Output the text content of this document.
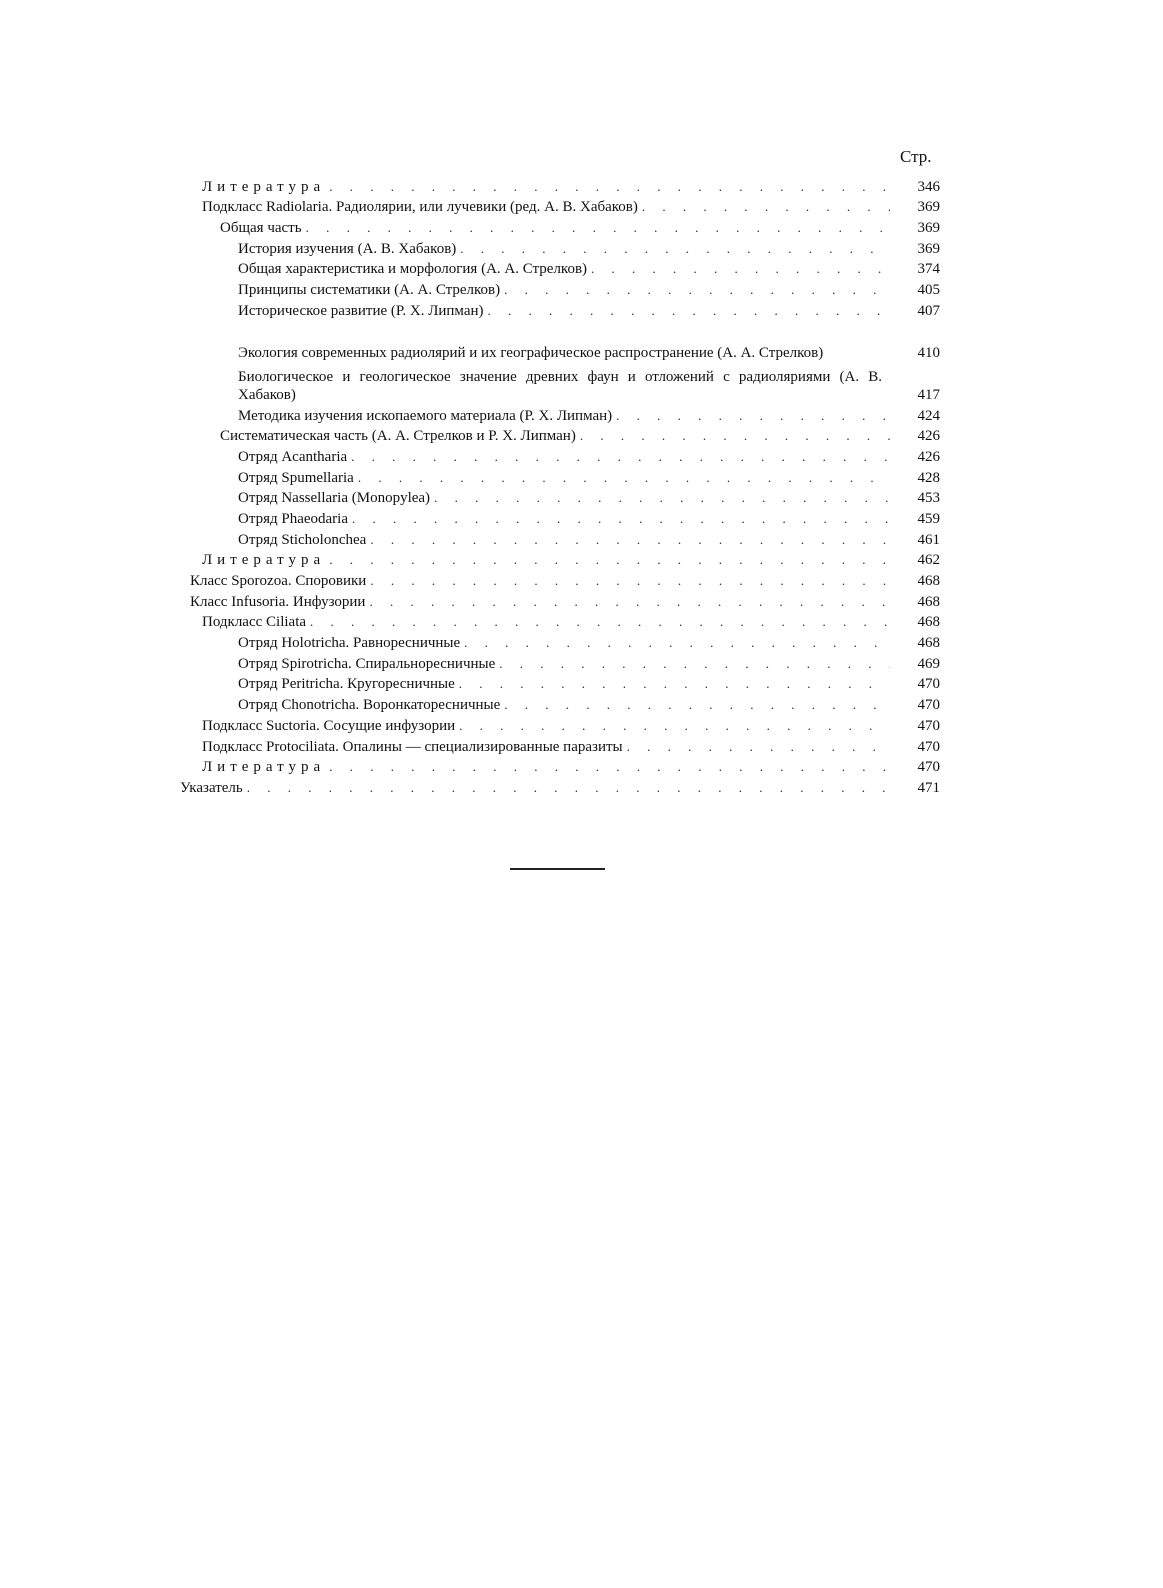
Стр.
Литература . . .	346
Подкласс Radiolaria. Радиолярии, или лучевики (ред. А. В. Хабаков) . . .	369
Общая часть . . .	369
История изучения (А. В. Хабаков) . . .	369
Общая характеристика и морфология (А. А. Стрелков) . . .	374
Принципы систематики (А. А. Стрелков) . . .	405
Историческое развитие (Р. Х. Липман) . . .	407
Экология современных радиолярий и их географическое распространение (А. А. Стрелков)	410
Биологическое и геологическое значение древних фаун и отложений с радиоляриями (А. В. Хабаков)	417
Методика изучения ископаемого материала (Р. Х. Липман) . . .	424
Систематическая часть (А. А. Стрелков и Р. Х. Липман) . . .	426
Отряд Acantharia . . .	426
Отряд Spumellaria . . .	428
Отряд Nassellaria (Monopylea) . . .	453
Отряд Phaeodaria . . .	459
Отряд Sticholonchea . . .	461
Литература . . .	462
Класс Sporozoa. Споровики . . .	468
Класс Infusoria. Инфузории . . .	468
Подкласс Ciliata . . .	468
Отряд Holotricha. Равноресничные . . .	468
Отряд Spirotricha. Спиральноресничные . . .	469
Отряд Peritricha. Кругоресничные . . .	470
Отряд Chonotricha. Воронкаторесничные . . .	470
Подкласс Suctoria. Сосущие инфузории . . .	470
Подкласс Protociliata. Опалины — специализированные паразиты . . .	470
Литература . . .	470
Указатель . . .	471
